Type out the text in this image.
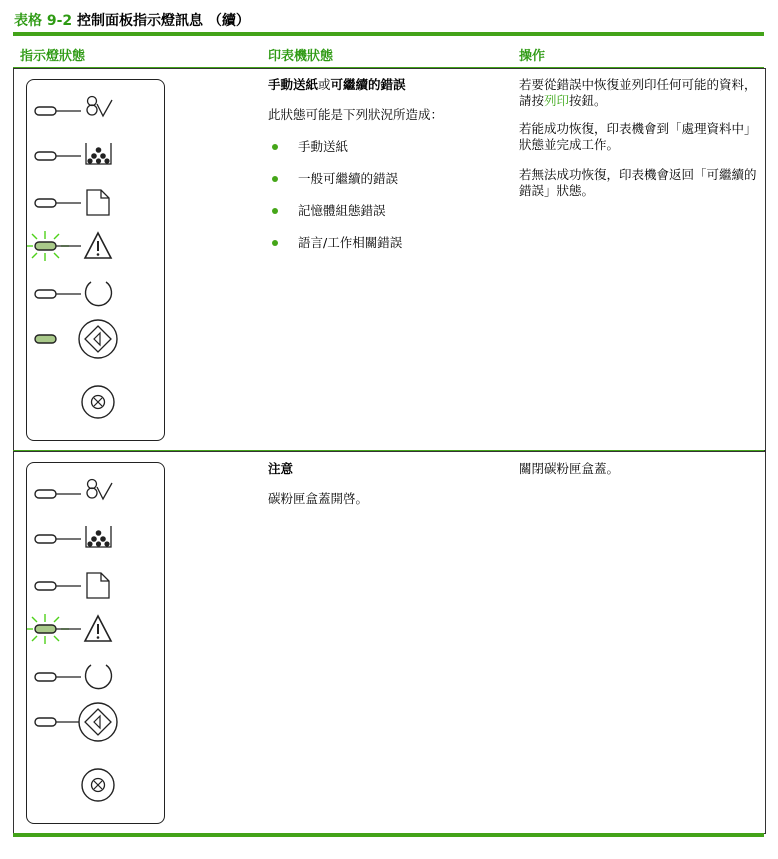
表格 9-2 控制面板指示燈訊息 （續）
指示燈狀態	印表機狀態	操作

手動送紙或可繼續的錯誤

此狀態可能是下列狀況所造成：

手動送紙
一般可繼續的錯誤
記憶體組態錯誤
語言/工作相關錯誤

若要從錯誤中恢復並列印任何可能的資料，請按列印按鈕。

若能成功恢復，印表機會到「處理資料中」狀態並完成工作。

若無法成功恢復，印表機會返回「可繼續的錯誤」狀態。

注意

碳粉匣盒蓋開啓。

關閉碳粉匣盒蓋。
